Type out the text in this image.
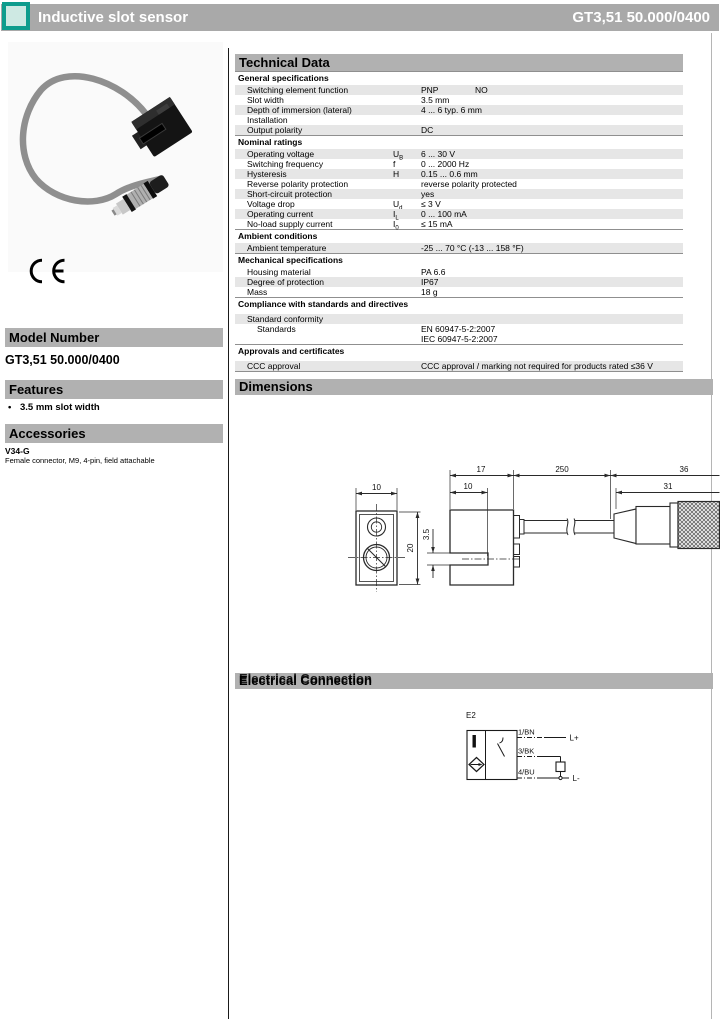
Inductive slot sensor	GT3,51 50.000/0400
Model Number
GT3,51 50.000/0400
Features
• 3.5 mm slot width
Accessories
V34-G
Female connector, M9, 4-pin, field attachable
Technical Data
General specifications
Switching element function	PNP	NO
Slot width	3.5 mm
Depth of immersion (lateral)	4 ... 6 typ. 6 mm
Installation
Output polarity	DC
Nominal ratings
Operating voltage	$U_B$ 6 ... 30 V
Switching frequency	f	0 ... 2000 Hz
Hysteresis	H	0.15 ... 0.6 mm
Reverse polarity protection	reverse polarity protected
Short-circuit protection	yes
Voltage drop	U	≤ 3 V
Operating current	$I_L$	0 ... 100 mA
No-load supply current	$I_0$	≤ 15 mA
Ambient conditions
Ambient temperature	-25 ... 70 °C (-13 ... 158 °F)
Mechanical specifications
Housing material	PA 6.6
Degree of protection	IP67
Mass	18 g
Compliance with standards and directives
Standard conformity
Standards	EN 60947-5-2:2007
IEC 60947-5-2:2007
Approvals and certificates
CCC approval	CCC approval / marking not required for products rated ≤36 V
Dimensions
10
17
10
250	36
31
20
3.5
Electrical Connection
E2
1/BN
3/BK
4/BU
L+
L-
